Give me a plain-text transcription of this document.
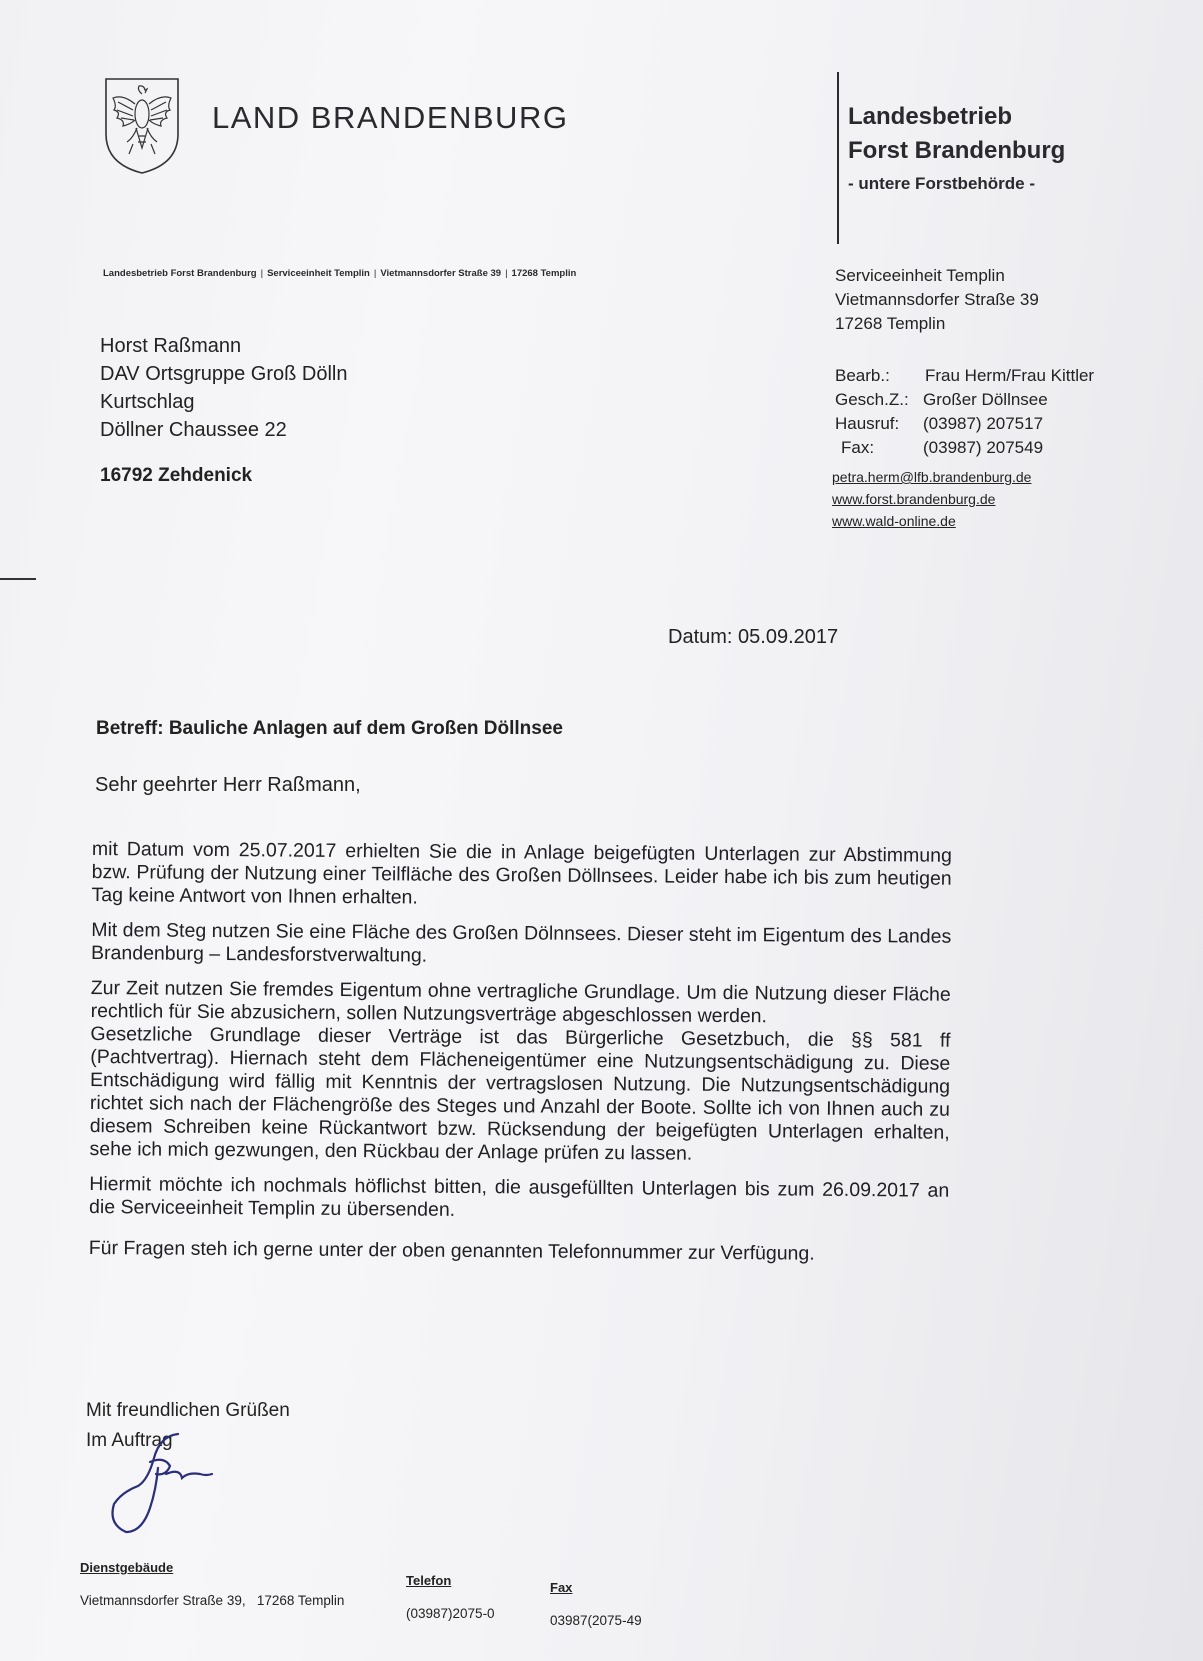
LAND BRANDENBURG	Landesbetrieb
Forst Brandenburg
- untere Forstbehörde -
Landesbetrieb Forst Brandenburg | Serviceeinheit Templin | Vietmannsdorfer Straße 39 | 17268 Templin	Serviceeinheit Templin
Vietmannsdorfer Straße 39
17268 Templin
Bearb.:	Frau Herm/Frau Kittler
Gesch.Z.: Großer Döllnsee
Hausruf:	(03987) 207517
Fax:	(03987) 207549
petra.herm@lfb.brandenburg.de
www.forst.brandenburg.de
www.wald-online.de
Horst Raßmann
DAV Ortsgruppe Groß Dölln
Kurtschlag
Döllner Chaussee 22
16792 Zehdenick
Datum: 05.09.2017
Betreff: Bauliche Anlagen auf dem Großen Döllnsee
Sehr geehrter Herr Raßmann,

mit Datum vom 25.07.2017 erhielten Sie die in Anlage beigefügten Unterlagen zur Abstimmung bzw. Prüfung der Nutzung einer Teilfläche des Großen Döllnsees. Leider habe ich bis zum heutigen Tag keine Antwort von Ihnen erhalten.

Mit dem Steg nutzen Sie eine Fläche des Großen Dölnnsees. Dieser steht im Eigentum des Landes Brandenburg – Landesforstverwaltung.

Zur Zeit nutzen Sie fremdes Eigentum ohne vertragliche Grundlage. Um die Nutzung dieser Fläche rechtlich für Sie abzusichern, sollen Nutzungsverträge abgeschlossen werden.

Gesetzliche Grundlage dieser Verträge ist das Bürgerliche Gesetzbuch, die §§ 581 ff (Pachtvertrag). Hiernach steht dem Flächeneigentümer eine Nutzungsentschädigung zu. Diese Entschädigung wird fällig mit Kenntnis der vertragslosen Nutzung. Die Nutzungsentschädigung richtet sich nach der Flächengröße des Steges und Anzahl der Boote. Sollte ich von Ihnen auch zu diesem Schreiben keine Rückantwort bzw. Rücksendung der beigefügten Unterlagen erhalten, sehe ich mich gezwungen, den Rückbau der Anlage prüfen zu lassen.

Hiermit möchte ich nochmals höflichst bitten, die ausgefüllten Unterlagen bis zum 26.09.2017 an die Serviceeinheit Templin zu übersenden.

Für Fragen steh ich gerne unter der oben genannten Telefonnummer zur Verfügung.

Mit freundlichen Grüßen
Im Auftrag
Dienstgebäude
Vietmannsdorfer Straße 39,   17268 Templin
Telefon
(03987)2075-0
Fax
03987(2075-49
